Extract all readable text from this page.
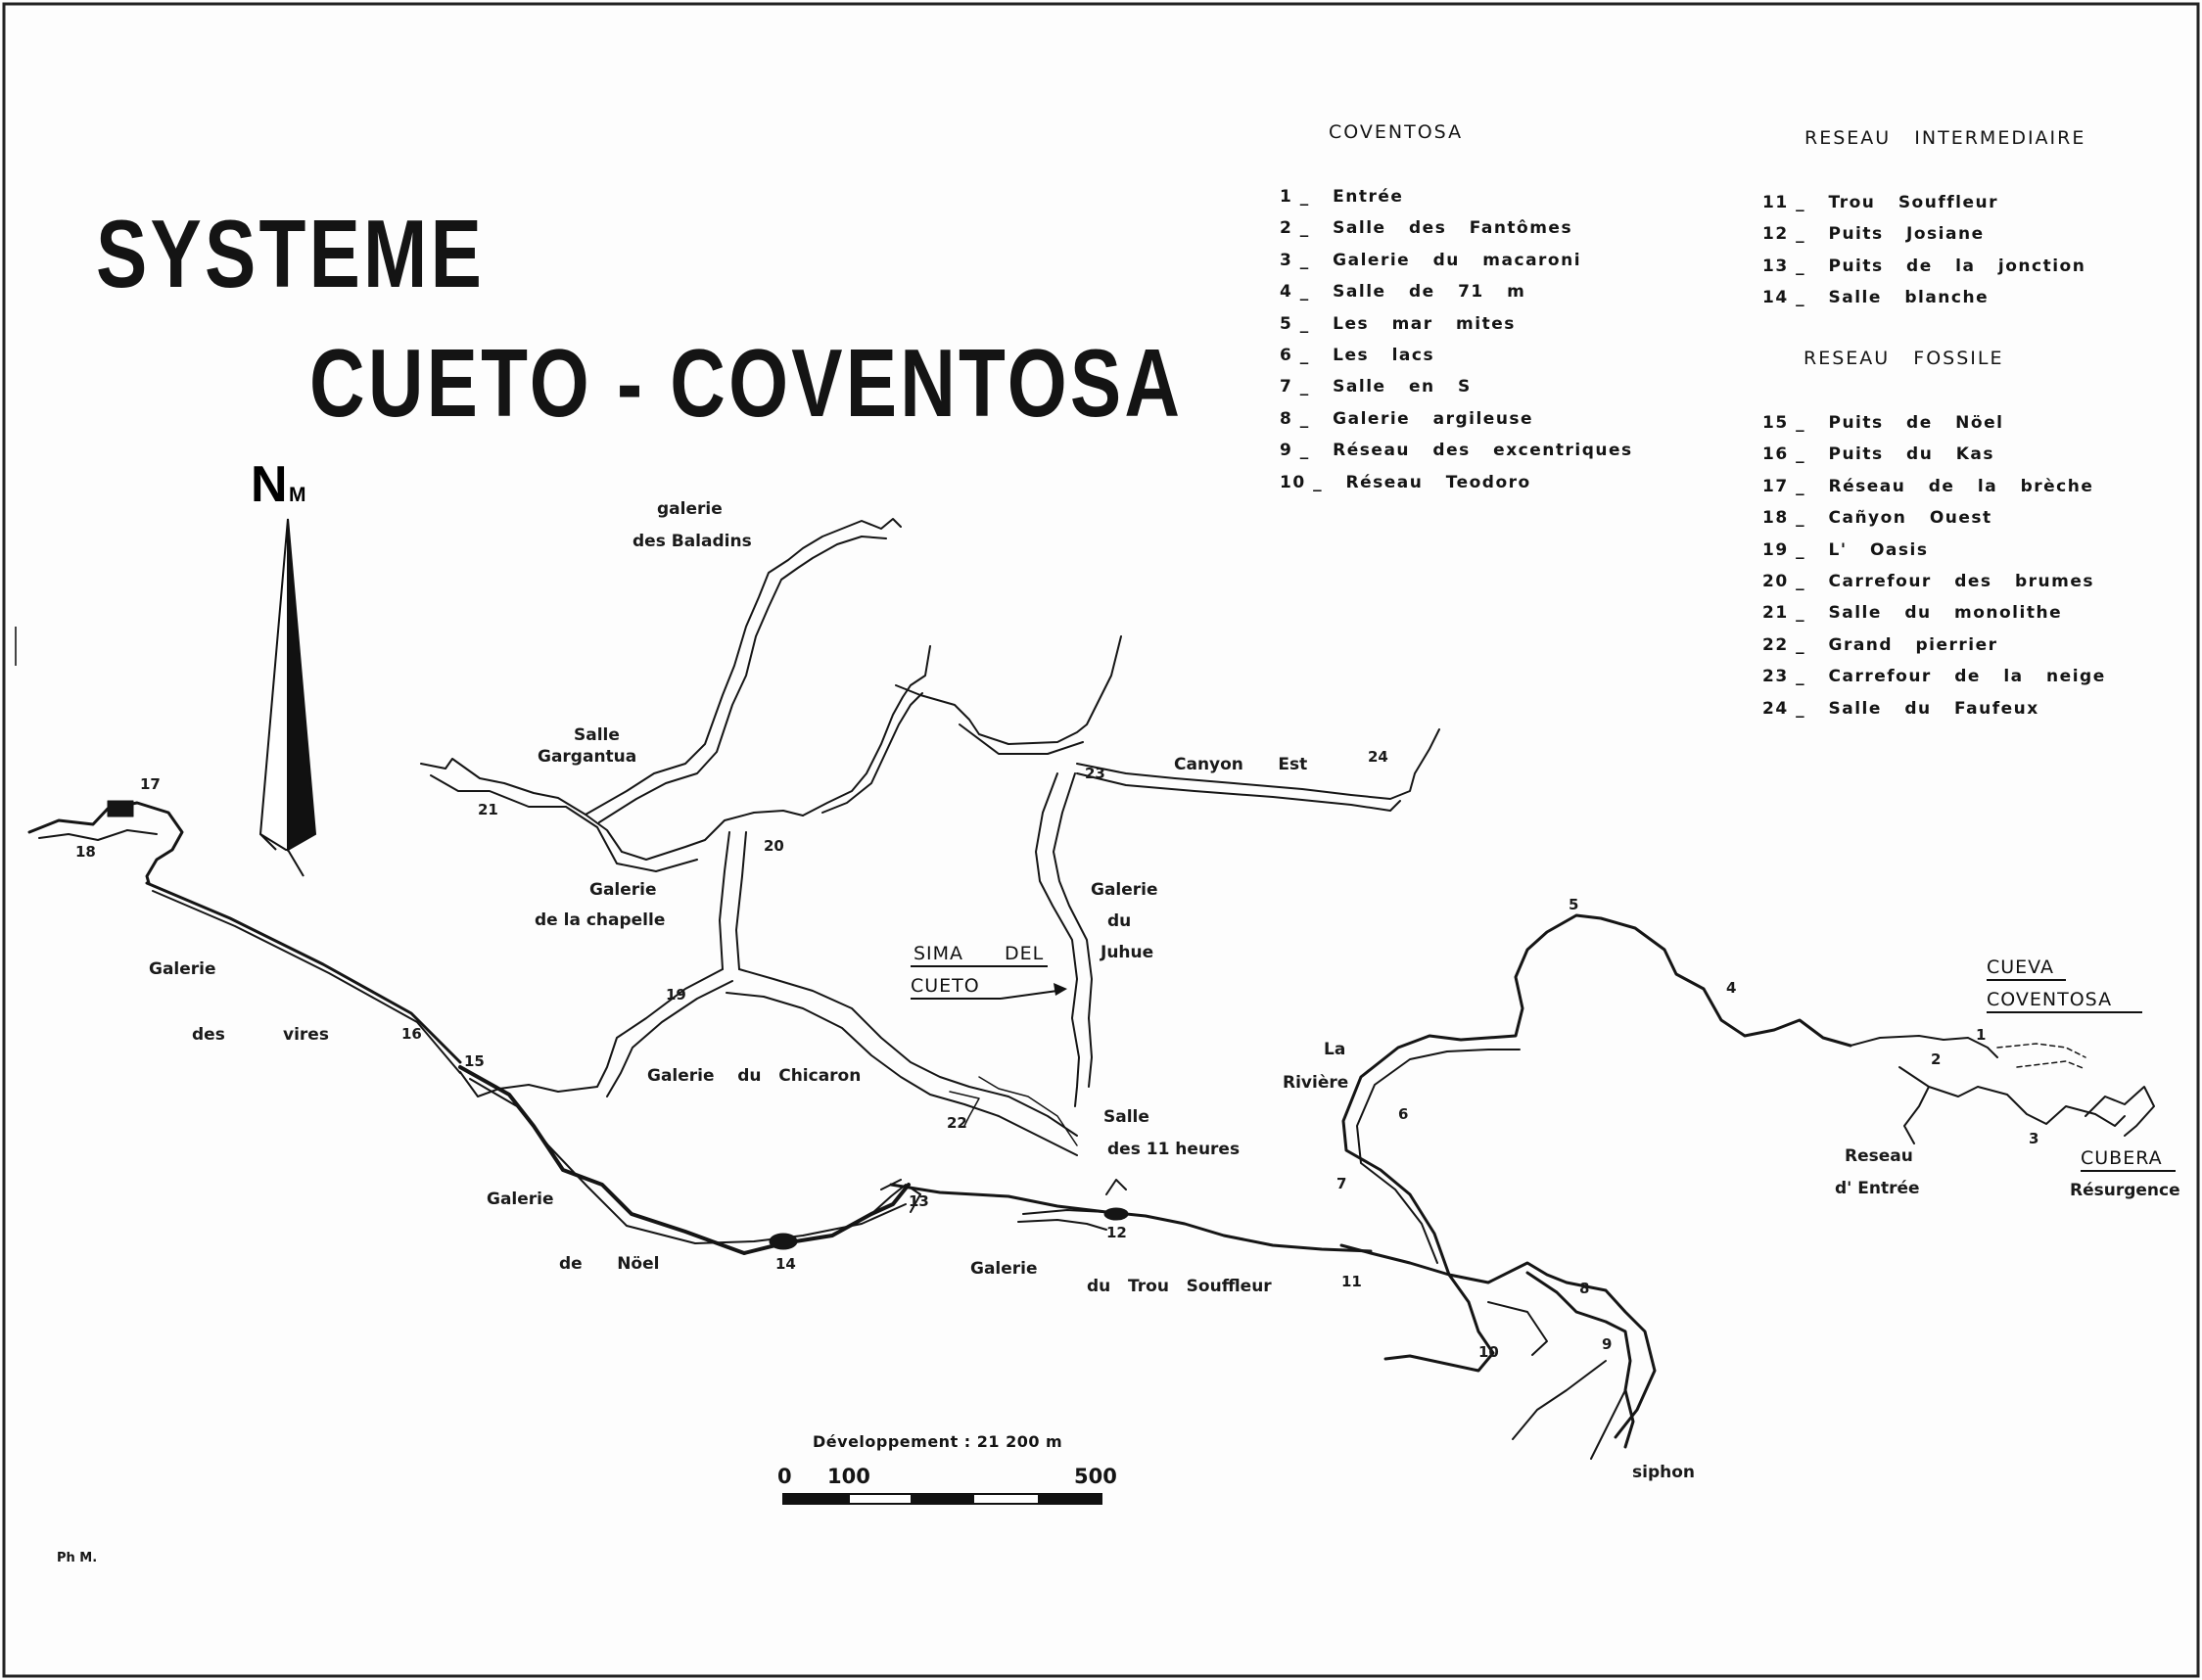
SYSTEME
CUETO - COVENTOSA
N M
1
2
3
4
5
6
7
8
9
10
11
12
13
14
15
16
17
18
19
20
21
22
23
24
galerie
des Baladins
Salle
Gargantua
Galerie
de la chapelle
Galerie
des          vires
Galerie    du   Chicaron
SIMA DEL
CUETO
Galerie
du
Juhue
Canyon      Est
Salle
des 11 heures
Galerie
de      Nöel	Galerie
du   Trou   Souffleur
La
Rivière
CUEVA
COVENTOSA
Reseau
d' Entrée
CUBERA
Résurgence
siphon
COVENTOSA
1 _ Entrée
2 _ Salle des Fantômes
3 _ Galerie du macaroni
4 _ Salle de 71 m
5 _ Les mar mites
6 _ Les lacs
7 _ Salle en S
8 _ Galerie argileuse
9 _ Réseau des excentriques
10 _ Réseau Teodoro
RESEAU   INTERMEDIAIRE
11 _ Trou Souffleur
12 _ Puits Josiane
13 _ Puits de la jonction
14 _ Salle blanche
RESEAU   FOSSILE
15 _ Puits de Nöel
16 _ Puits du Kas
17 _ Réseau de la brèche
18 _ Cañyon Ouest
19 _ L' Oasis
20 _ Carrefour des brumes
21 _ Salle du monolithe
22 _ Grand pierrier
23 _ Carrefour de la neige
24 _ Salle du Faufeux
Développement : 21 200 m
0 100	500
Ph M.
